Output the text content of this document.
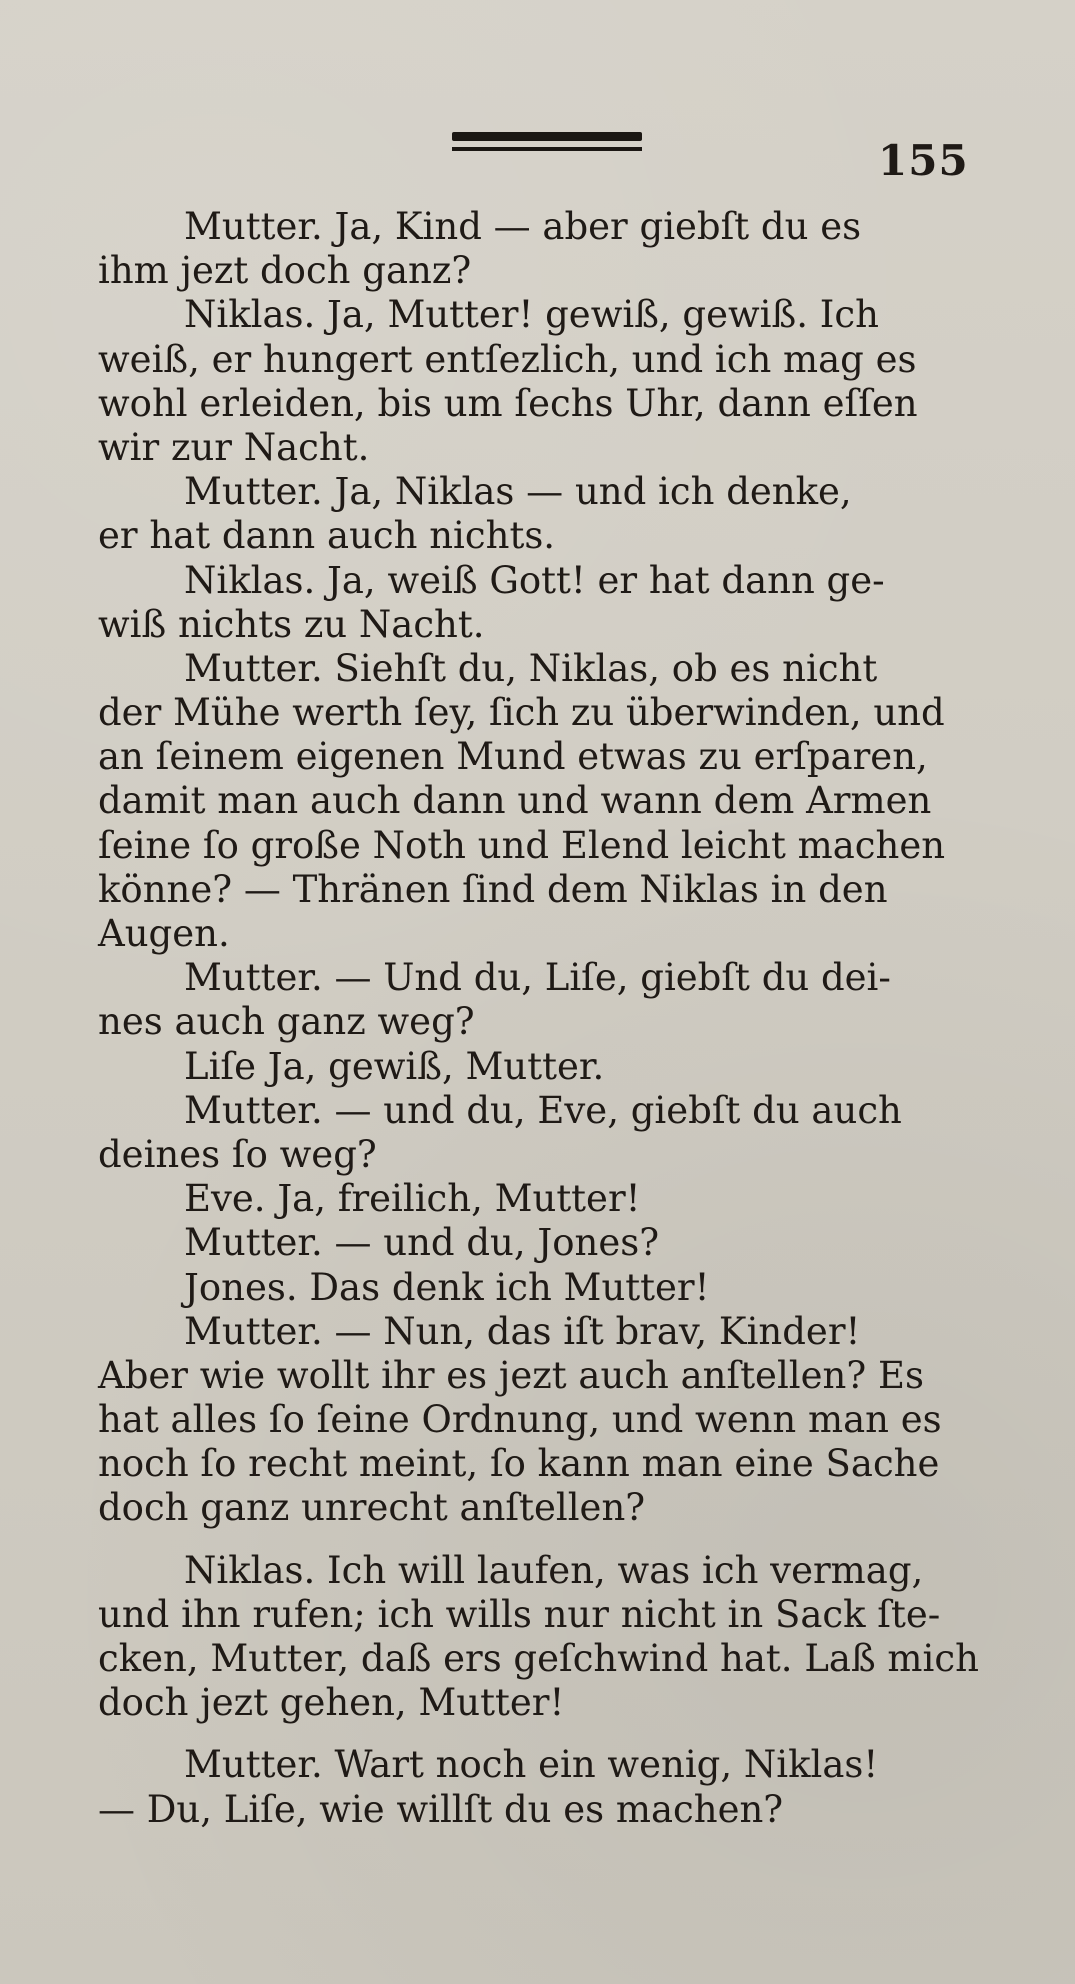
155
Mutter. Ja, Kind — aber giebſt du es
ihm jezt doch ganz?
Niklas. Ja, Mutter! gewiß, gewiß. Ich
weiß, er hungert entſezlich, und ich mag es
wohl erleiden, bis um ſechs Uhr, dann eſſen
wir zur Nacht.
Mutter. Ja, Niklas — und ich denke,
er hat dann auch nichts.
Niklas. Ja, weiß Gott! er hat dann ge-
wiß nichts zu Nacht.
Mutter. Siehſt du, Niklas, ob es nicht
der Mühe werth ſey, ſich zu überwinden, und
an ſeinem eigenen Mund etwas zu erſparen,
damit man auch dann und wann dem Armen
ſeine ſo große Noth und Elend leicht machen
könne? — Thränen ſind dem Niklas in den
Augen.
Mutter. — Und du, Liſe, giebſt du dei-
nes auch ganz weg?
Liſe Ja, gewiß, Mutter.
Mutter. — und du, Eve, giebſt du auch
deines ſo weg?
Eve. Ja, freilich, Mutter!
Mutter. — und du, Jones?
Jones. Das denk ich Mutter!
Mutter. — Nun, das iſt brav, Kinder!
Aber wie wollt ihr es jezt auch anſtellen? Es
hat alles ſo ſeine Ordnung, und wenn man es
noch ſo recht meint, ſo kann man eine Sache
doch ganz unrecht anſtellen?
Niklas. Ich will laufen, was ich vermag,
und ihn rufen; ich wills nur nicht in Sack ſte-
cken, Mutter, daß ers geſchwind hat. Laß mich
doch jezt gehen, Mutter!
Mutter. Wart noch ein wenig, Niklas!
— Du, Liſe, wie willſt du es machen?
